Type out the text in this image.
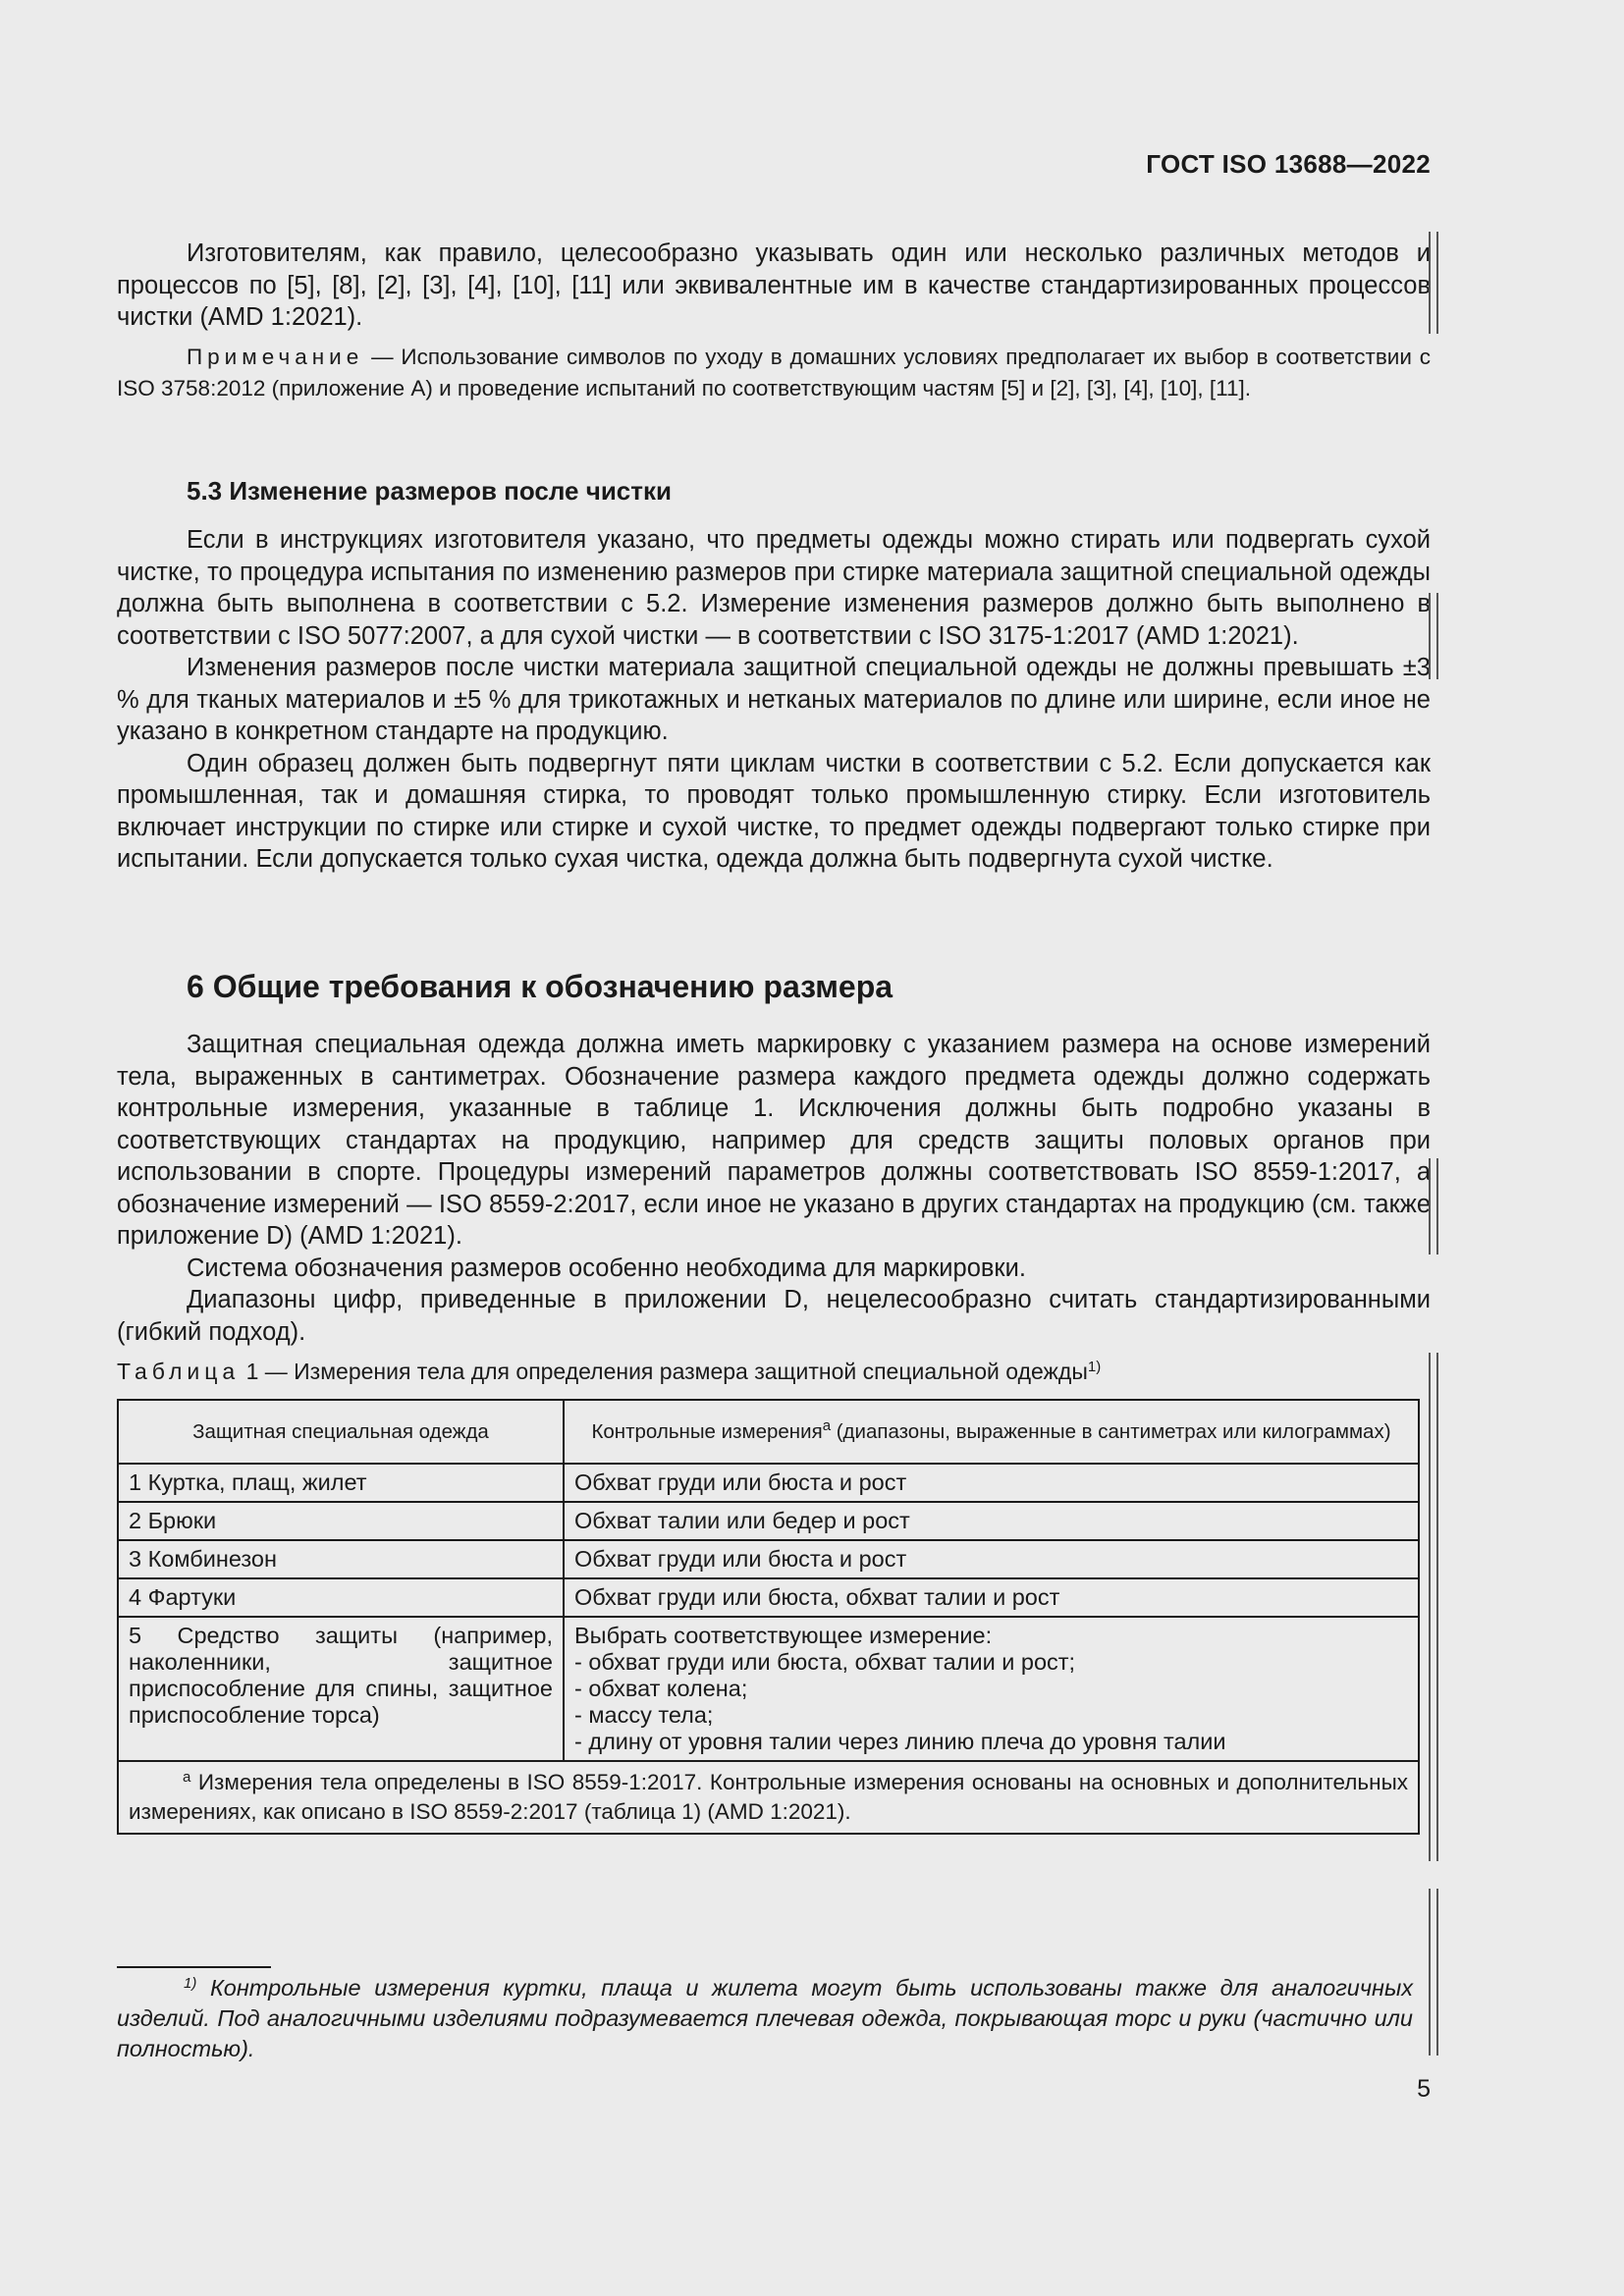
ГОСТ ISO 13688—2022

Изготовителям, как правило, целесообразно указывать один или несколько различных методов и процессов по [5], [8], [2], [3], [4], [10], [11] или эквивалентные им в качестве стандартизированных процессов чистки (AMD 1:2021).

Примечание — Использование символов по уходу в домашних условиях предполагает их выбор в соответствии с ISO 3758:2012 (приложение А) и проведение испытаний по соответствующим частям [5] и [2], [3], [4], [10], [11].

5.3 Изменение размеров после чистки

Если в инструкциях изготовителя указано, что предметы одежды можно стирать или подвергать сухой чистке, то процедура испытания по изменению размеров при стирке материала защитной специальной одежды должна быть выполнена в соответствии с 5.2. Измерение изменения размеров должно быть выполнено в соответствии с ISO 5077:2007, а для сухой чистки — в соответствии с ISO 3175-1:2017 (AMD 1:2021).

Изменения размеров после чистки материала защитной специальной одежды не должны превышать ±3 % для тканых материалов и ±5 % для трикотажных и нетканых материалов по длине или ширине, если иное не указано в конкретном стандарте на продукцию.

Один образец должен быть подвергнут пяти циклам чистки в соответствии с 5.2. Если допускается как промышленная, так и домашняя стирка, то проводят только промышленную стирку. Если изготовитель включает инструкции по стирке или стирке и сухой чистке, то предмет одежды подвергают только стирке при испытании. Если допускается только сухая чистка, одежда должна быть подвергнута сухой чистке.

6 Общие требования к обозначению размера

Защитная специальная одежда должна иметь маркировку с указанием размера на основе измерений тела, выраженных в сантиметрах. Обозначение размера каждого предмета одежды должно содержать контрольные измерения, указанные в таблице 1. Исключения должны быть подробно указаны в соответствующих стандартах на продукцию, например для средств защиты половых органов при использовании в спорте. Процедуры измерений параметров должны соответствовать ISO 8559-1:2017, а обозначение измерений — ISO 8559-2:2017, если иное не указано в других стандартах на продукцию (см. также приложение D) (AMD 1:2021).

Система обозначения размеров особенно необходима для маркировки.

Диапазоны цифр, приведенные в приложении D, нецелесообразно считать стандартизированными (гибкий подход).

Таблица 1 — Измерения тела для определения размера защитной специальной одежды$^{1)}$
Защитная специальная одежда	Контрольные измерения$^a$ (диапазоны, выраженные в сантиметрах или килограммах)
1 Куртка, плащ, жилет	Обхват груди или бюста и рост
2 Брюки	Обхват талии или бедер и рост
3 Комбинезон	Обхват груди или бюста и рост
4 Фартуки	Обхват груди или бюста, обхват талии и рост
5 Средство защиты (например, наколенники, защитное приспособление для спины, защитное приспособление торса)	Выбрать соответствующее измерение:
- обхват груди или бюста, обхват талии и рост;
- обхват колена;
- массу тела;
- длину от уровня талии через линию плеча до уровня талии

$^a$ Измерения тела определены в ISO 8559-1:2017. Контрольные измерения основаны на основных и дополнительных измерениях, как описано в ISO 8559-2:2017 (таблица 1) (AMD 1:2021).	
$^{1)}$ Контрольные измерения куртки, плаща и жилета могут быть использованы также для аналогичных изделий. Под аналогичными изделиями подразумевается плечевая одежда, покрывающая торс и руки (частично или полностью).
5
